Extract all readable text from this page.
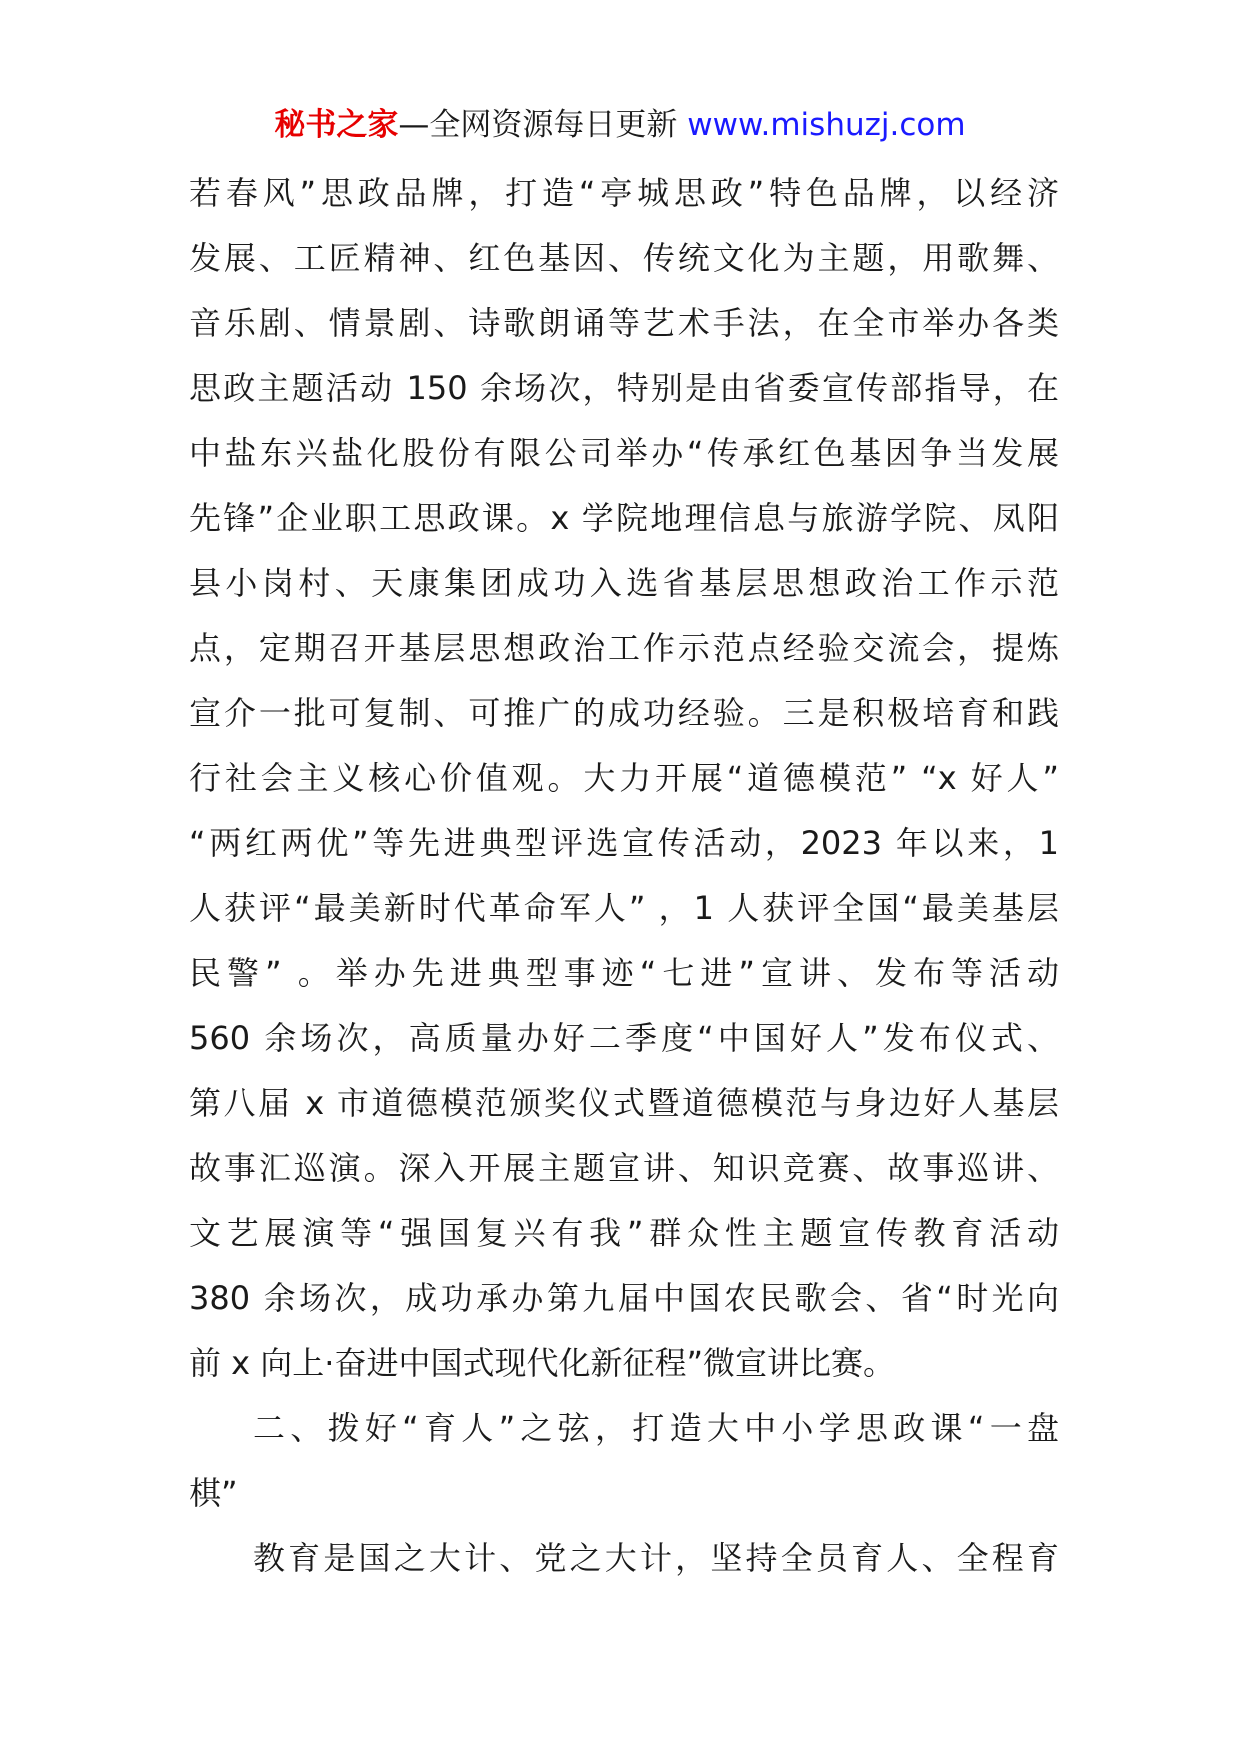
秘书之家—全网资源每日更新 www.mishuzj.com
若春风”思政品牌，打造“亭城思政”特色品牌，以经济
发展、工匠精神、红色基因、传统文化为主题，用歌舞、
音乐剧、情景剧、诗歌朗诵等艺术手法，在全市举办各类
思政主题活动 150 余场次，特别是由省委宣传部指导，在
中盐东兴盐化股份有限公司举办“传承红色基因争当发展
先锋”企业职工思政课。x 学院地理信息与旅游学院、凤阳
县小岗村、天康集团成功入选省基层思想政治工作示范
点，定期召开基层思想政治工作示范点经验交流会，提炼
宣介一批可复制、可推广的成功经验。三是积极培育和践
行社会主义核心价值观。大力开展“道德模范” “x 好人”
“两红两优”等先进典型评选宣传活动，2023 年以来，1
人获评“最美新时代革命军人” ，1 人获评全国“最美基层
民警” 。举办先进典型事迹“七进”宣讲、发布等活动
560 余场次，高质量办好二季度“中国好人”发布仪式、
第八届 x 市道德模范颁奖仪式暨道德模范与身边好人基层
故事汇巡演。深入开展主题宣讲、知识竞赛、故事巡讲、
文艺展演等“强国复兴有我”群众性主题宣传教育活动
380 余场次，成功承办第九届中国农民歌会、省“时光向
前 x 向上·奋进中国式现代化新征程”微宣讲比赛。
二、拨好“育人”之弦，打造大中小学思政课“一盘
棋”
教育是国之大计、党之大计，坚持全员育人、全程育
